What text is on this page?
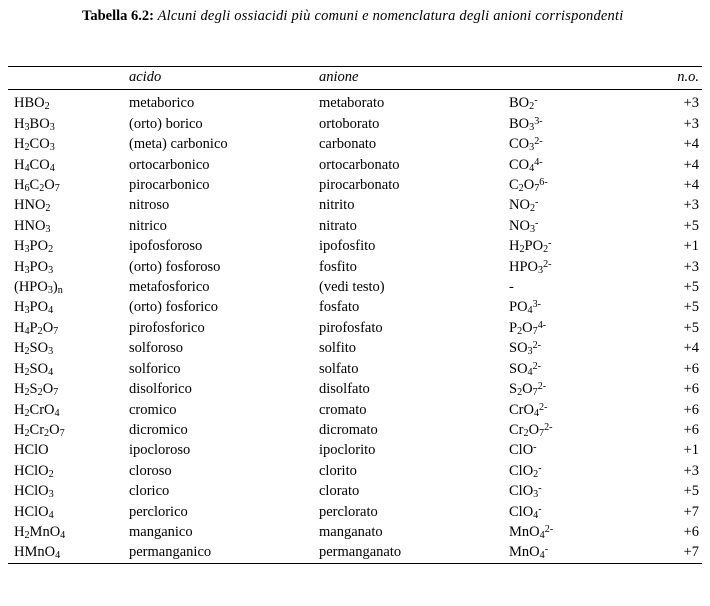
Tabella 6.2: Alcuni degli ossiacidi più comuni e nomenclatura degli anioni corrispondenti
	acido	anione		n.o.
$HBO_2$	metaborico	metaborato	$BO_2^-$	+3
$H_3BO_3$	(orto) borico	ortoborato	$BO_3^{3-}$	+3
$H_2CO_3$	(meta) carbonico	carbonato	$CO_3^{2-}$	+4
$H_4CO_4$	ortocarbonico	ortocarbonato	$CO_4^{4-}$	+4
$H_6C_2O_7$	pirocarbonico	pirocarbonato	$C_2O_7^{6-}$	+4
$HNO_2$	nitroso	nitrito	$NO_2^-$	+3
$HNO_3$	nitrico	nitrato	$NO_3^-$	+5
$H_3PO_2$	ipofosforoso	ipofosfito	$H_2PO_2^-$	+1
$H_3PO_3$	(orto) fosforoso	fosfito	$HPO_3^{2-}$	+3
$(HPO_3)_n$	metafosforico	(vedi testo)	-	+5
$H_3PO_4$	(orto) fosforico	fosfato	$PO_4^{3-}$	+5
$H_4P_2O_7$	pirofosforico	pirofosfato	$P_2O_7^{4-}$	+5
$H_2SO_3$	solforoso	solfito	$SO_3^{2-}$	+4
$H_2SO_4$	solforico	solfato	$SO_4^{2-}$	+6
$H_2S_2O_7$	disolforico	disolfato	$S_2O_7^{2-}$	+6
$H_2CrO_4$	cromico	cromato	CrO$_4^{2-}$	+6
$H_2Cr_2O_7$	dicromico	dicromato	$Cr_2O_7^{2-}$	+6
HClO	ipocloroso	ipoclorito	ClO-	+1
HClO$_2$	cloroso	clorito	ClO$_2$-	+3
HClO$_3$	clorico	clorato	ClO$_3$-	+5
HClO$_4$	perclorico	perclorato	ClO$_4$-	+7
$H_2MnO_4$	manganico	manganato	MnO$_4^{2-}$	+6
HMnO$_4$	permanganico	permanganato	MnO$_4$-	+7
